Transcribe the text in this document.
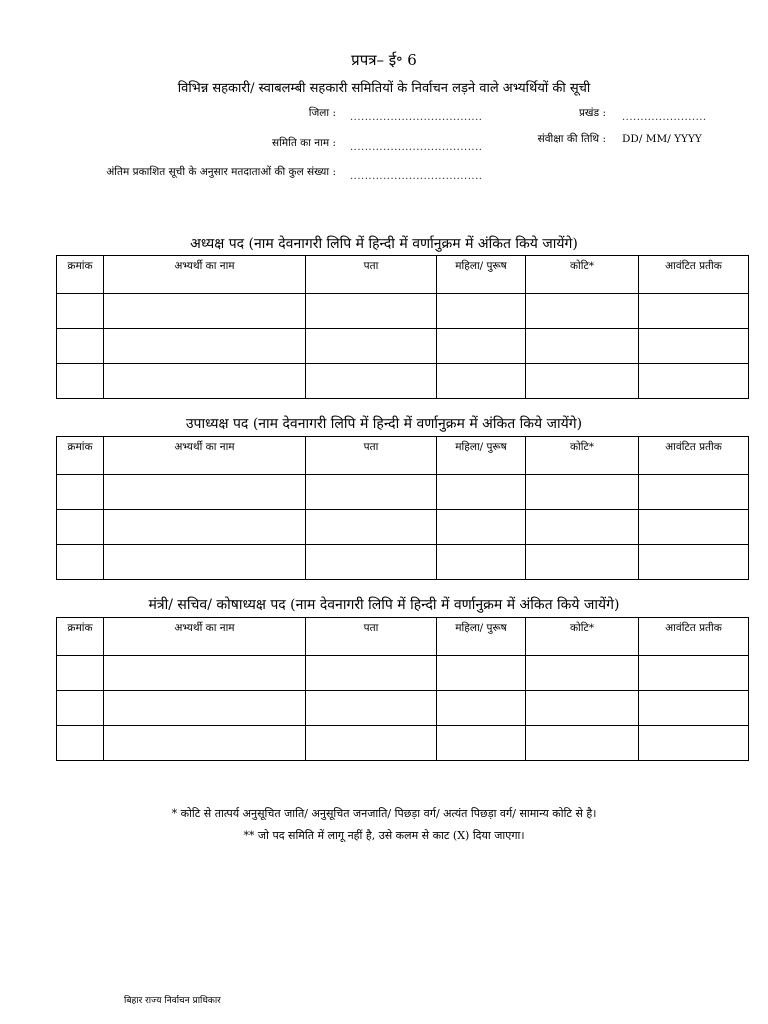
प्रपत्र– ई॰ 6
विभिन्न सहकारी/ स्वाबलम्बी सहकारी समितियों के निर्वाचन लड़ने वाले अभ्यर्थियों की सूची
जिला : ....................................	प्रखंड : .......................
समिति का नाम : ....................................
संवीक्षा की तिथि : DD/ MM/ YYYY
अंतिम प्रकाशित सूची के अनुसार मतदाताओं की कुल संख्या : ....................................
अध्यक्ष पद (नाम देवनागरी लिपि में हिन्दी में वर्णानुक्रम में अंकित किये जायेंगे)
क्रमांक	अभ्यर्थी का नाम	पता	महिला/ पुरूष	कोटि*	आवंटित प्रतीक

उपाध्यक्ष पद (नाम देवनागरी लिपि में हिन्दी में वर्णानुक्रम में अंकित किये जायेंगे)
क्रमांक	अभ्यर्थी का नाम	पता	महिला/ पुरूष	कोटि*	आवंटित प्रतीक

मंत्री/ सचिव/ कोषाध्यक्ष पद (नाम देवनागरी लिपि में हिन्दी में वर्णानुक्रम में अंकित किये जायेंगे)
क्रमांक	अभ्यर्थी का नाम	पता	महिला/ पुरूष	कोटि*	आवंटित प्रतीक

* कोटि से तात्पर्य अनुसूचित जाति/ अनुसूचित जनजाति/ पिछड़ा वर्ग/ अत्यंत पिछड़ा वर्ग/ सामान्य कोटि से है।
** जो पद समिति में लागू नहीं है, उसे कलम से काट (X) दिया जाएगा।
बिहार राज्य निर्वाचन प्राधिकार
